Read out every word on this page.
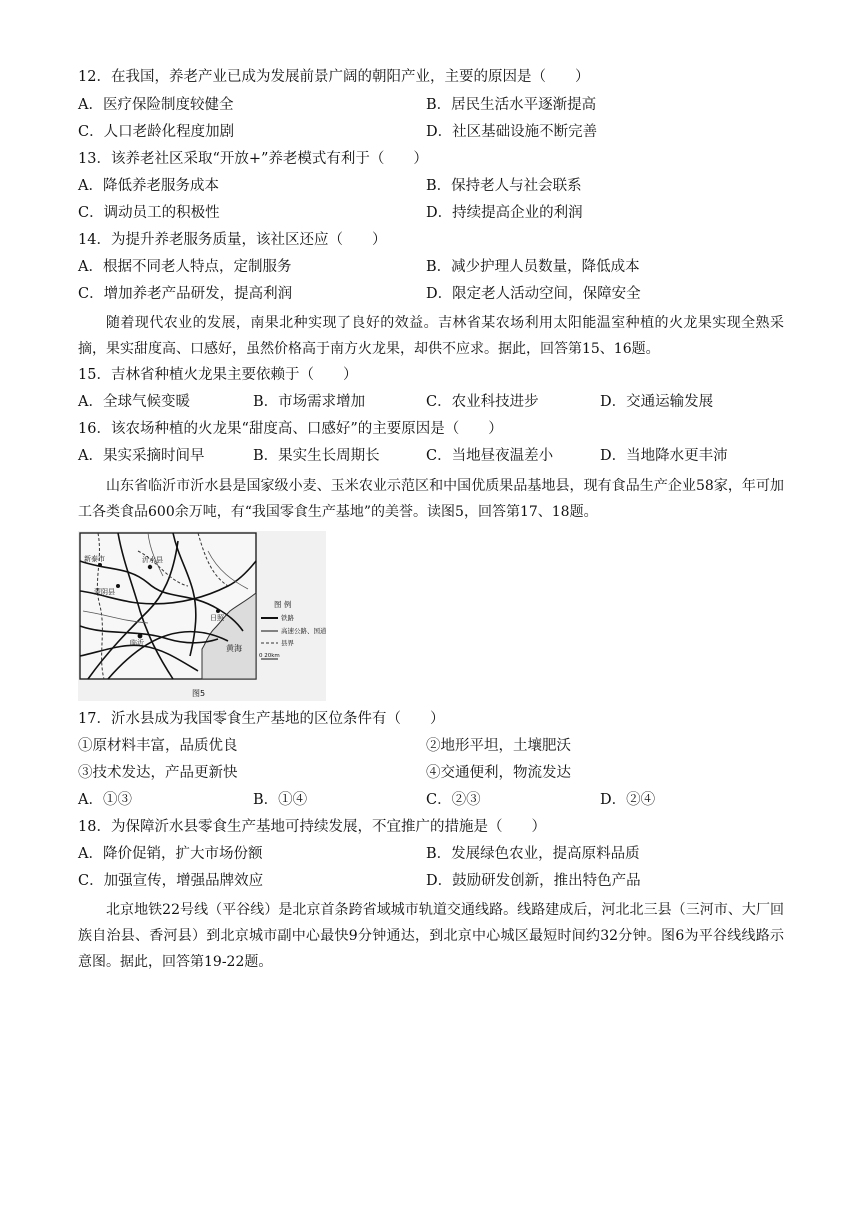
12．在我国，养老产业已成为发展前景广阔的朝阳产业，主要的原因是（　　）
A．医疗保险制度较健全	B．居民生活水平逐渐提高
C．人口老龄化程度加剧	D．社区基础设施不断完善
13．该养老社区采取“开放+”养老模式有利于（　　）
A．降低养老服务成本	B．保持老人与社会联系
C．调动员工的积极性	D．持续提高企业的利润
14．为提升养老服务质量，该社区还应（　　）
A．根据不同老人特点，定制服务	B．减少护理人员数量，降低成本
C．增加养老产品研发，提高利润	D．限定老人活动空间，保障安全
随着现代农业的发展，南果北种实现了良好的效益。吉林省某农场利用太阳能温室种植的火龙果实现全熟采摘，果实甜度高、口感好，虽然价格高于南方火龙果，却供不应求。据此，回答第15、16题。
15．吉林省种植火龙果主要依赖于（　　）
A．全球气候变暖	B．市场需求增加	C．农业科技进步	D．交通运输发展
16．该农场种植的火龙果“甜度高、口感好”的主要原因是（　　）
A．果实采摘时间早	B．果实生长周期长	C．当地昼夜温差小	D．当地降水更丰沛
山东省临沂市沂水县是国家级小麦、玉米农业示范区和中国优质果品基地县，现有食品生产企业58家，年可加工各类食品600余万吨，有“我国零食生产基地”的美誉。读图5，回答第17、18题。
新泰市	沂水县
蒙阴县
临沂
日照
黄海
图 例
铁路
高速公路、国道
县界
0 20km
图5
17．沂水县成为我国零食生产基地的区位条件有（　　）
①原材料丰富，品质优良	②地形平坦，土壤肥沃
③技术发达，产品更新快	④交通便利，物流发达
A．①③	B．①④	C．②③	D．②④
18．为保障沂水县零食生产基地可持续发展，不宜推广的措施是（　　）
A．降价促销，扩大市场份额	B．发展绿色农业，提高原料品质
C．加强宣传，增强品牌效应	D．鼓励研发创新，推出特色产品
北京地铁22号线（平谷线）是北京首条跨省域城市轨道交通线路。线路建成后，河北北三县（三河市、大厂回族自治县、香河县）到北京城市副中心最快9分钟通达，到北京中心城区最短时间约32分钟。图6为平谷线线路示意图。据此，回答第19-22题。
